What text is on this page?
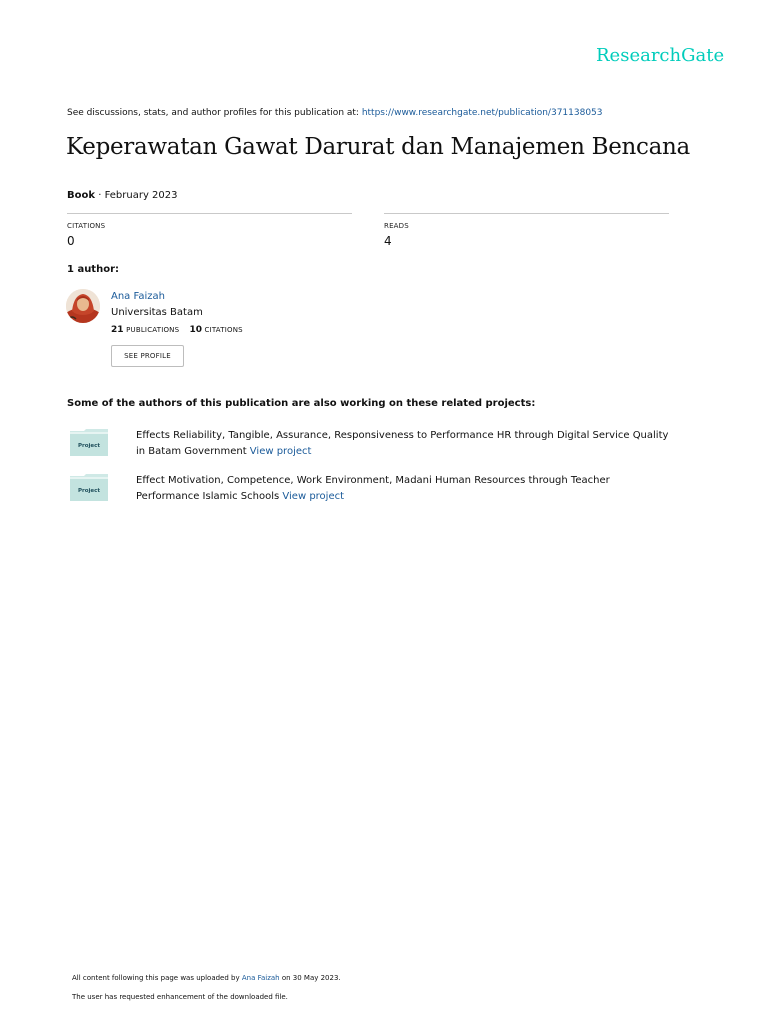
ResearchGate
See discussions, stats, and author profiles for this publication at: https://www.researchgate.net/publication/371138053
Keperawatan Gawat Darurat dan Manajemen Bencana
Book · February 2023
CITATIONS
0
READS
4
1 author:
Ana Faizah
Universitas Batam
21 PUBLICATIONS 10 CITATIONS
SEE PROFILE
Some of the authors of this publication are also working on these related projects:
Project
Effects Reliability, Tangible, Assurance, Responsiveness to Performance HR through Digital Service Quality in Batam Government View project
Project
Effect Motivation, Competence, Work Environment, Madani Human Resources through Teacher Performance Islamic Schools View project
All content following this page was uploaded by Ana Faizah on 30 May 2023.
The user has requested enhancement of the downloaded file.
